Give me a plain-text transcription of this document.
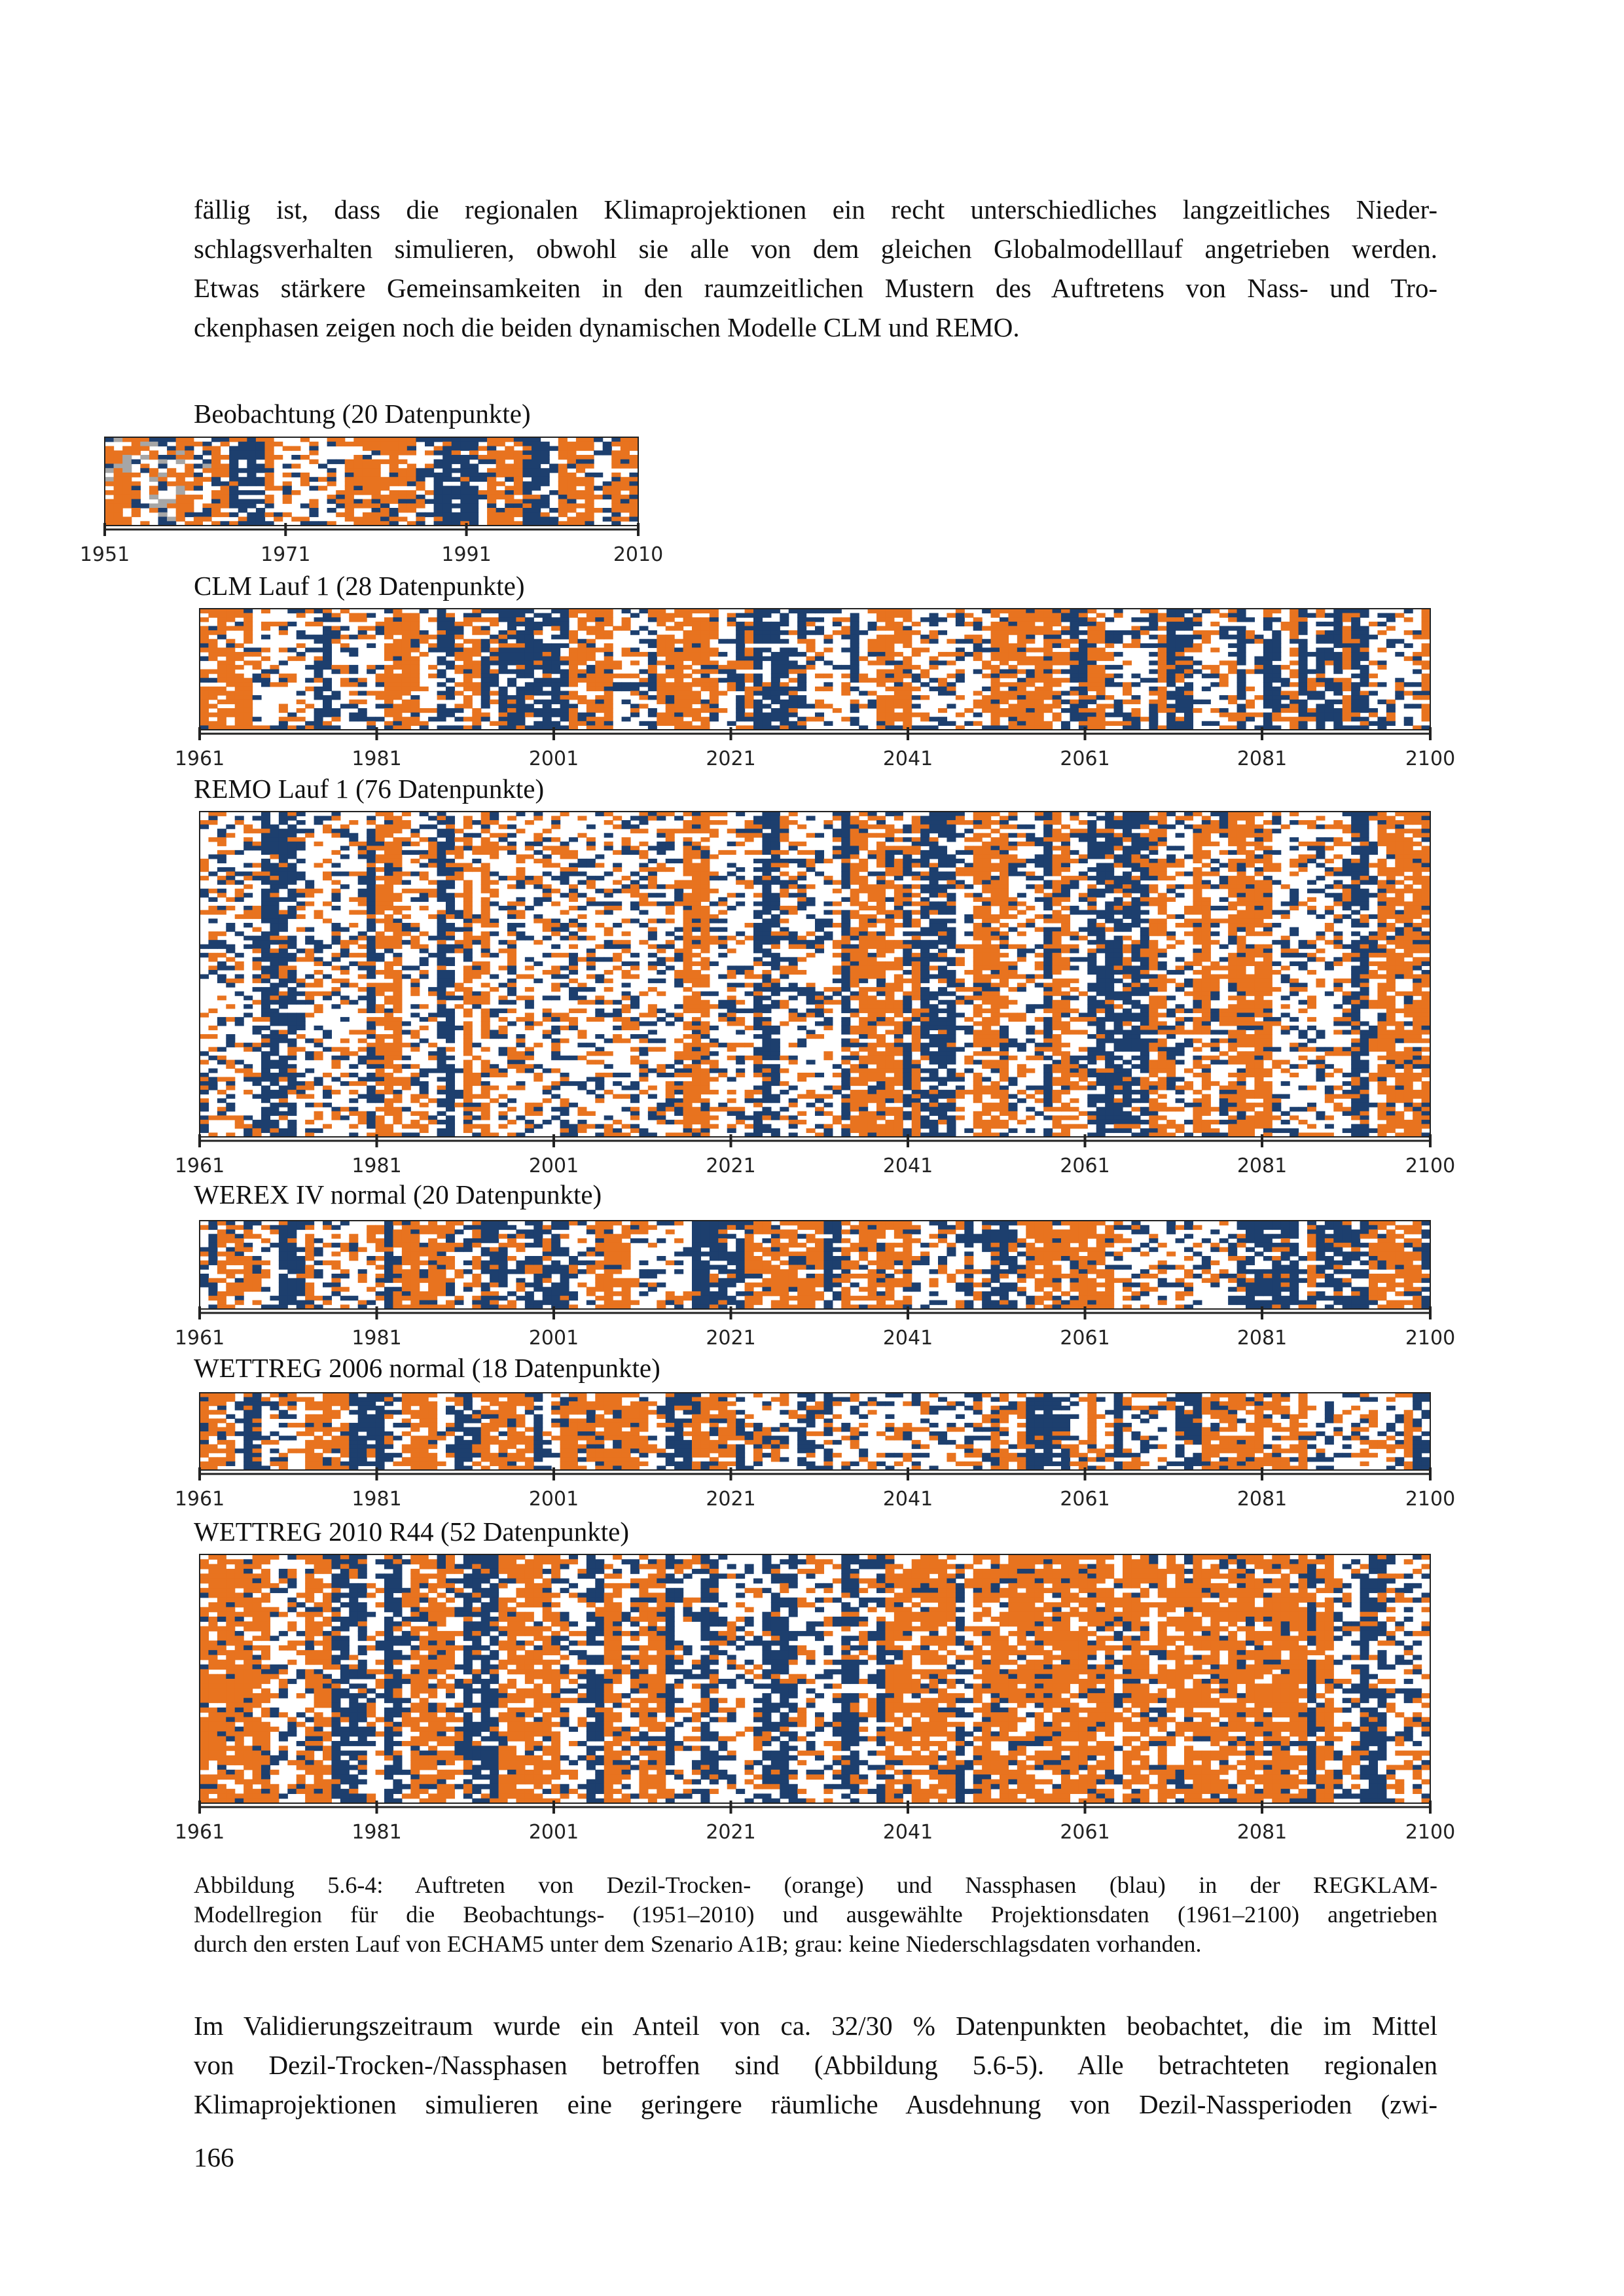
fällig ist, dass die regionalen Klimaprojektionen ein recht unterschiedliches langzeitliches Nieder-
schlagsverhalten simulieren, obwohl sie alle von dem gleichen Globalmodelllauf angetrieben werden.
Etwas stärkere Gemeinsamkeiten in den raumzeitlichen Mustern des Auftretens von Nass- und Tro-
ckenphasen zeigen noch die beiden dynamischen Modelle CLM und REMO.

Beobachtung (20 Datenpunkte)

CLM Lauf 1 (28 Datenpunkte)

REMO Lauf 1 (76 Datenpunkte)

WEREX IV normal (20 Datenpunkte)

WETTREG 2006 normal (18 Datenpunkte)

WETTREG 2010 R44 (52 Datenpunkte)

1951	1971	1991	2010
1961	1981	2001	2021	2041	2061	2081	2100
1961	1981	2001	2021	2041	2061	2081	2100
1961	1981	2001	2021	2041	2061	2081	2100
1961	1981	2001	2021	2041	2061	2081	2100
1961	1981	2001	2021	2041	2061	2081	2100
Abbildung 5.6-4: Auftreten von Dezil-Trocken- (orange) und Nassphasen (blau) in der REGKLAM-
Modellregion für die Beobachtungs- (1951–2010) und ausgewählte Projektionsdaten (1961–2100) angetrieben
durch den ersten Lauf von ECHAM5 unter dem Szenario A1B; grau: keine Niederschlagsdaten vorhanden.
Im Validierungszeitraum wurde ein Anteil von ca. 32/30 % Datenpunkten beobachtet, die im Mittel
von Dezil-Trocken-/Nassphasen betroffen sind (Abbildung 5.6-5). Alle betrachteten regionalen
Klimaprojektionen simulieren eine geringere räumliche Ausdehnung von Dezil-Nassperioden (zwi-

166
